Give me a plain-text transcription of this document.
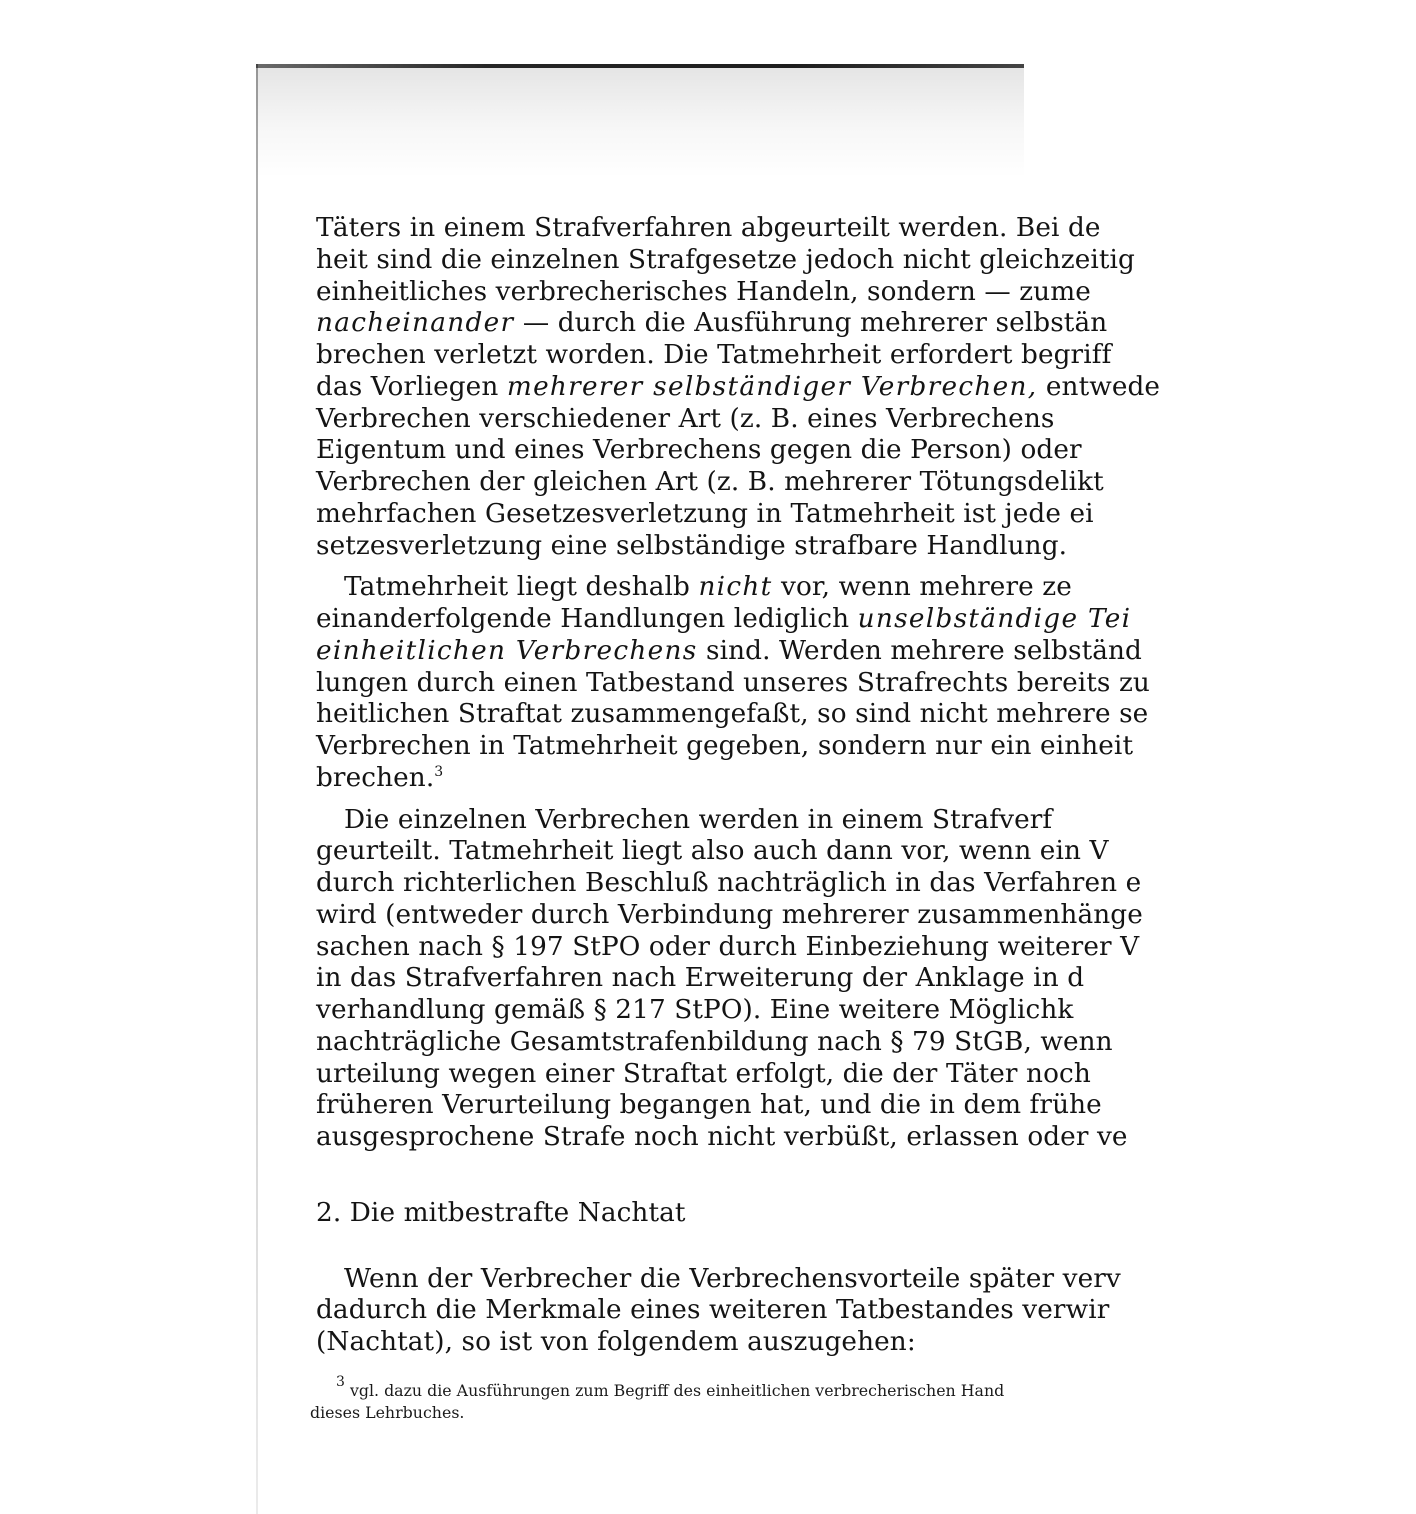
Täters in einem Strafverfahren abgeurteilt werden. Bei de
heit sind die einzelnen Strafgesetze jedoch nicht gleichzeitig
einheitliches verbrecherisches Handeln, sondern — zume
nacheinander — durch die Ausführung mehrerer selbstän
brechen verletzt worden. Die Tatmehrheit erfordert begriff
das Vorliegen mehrerer selbständiger Verbrechen, entwede
Verbrechen verschiedener Art (z. B. eines Verbrechens
Eigentum und eines Verbrechens gegen die Person) oder
Verbrechen der gleichen Art (z. B. mehrerer Tötungsdelikt
mehrfachen Gesetzesverletzung in Tatmehrheit ist jede ei
setzesverletzung eine selbständige strafbare Handlung.
Tatmehrheit liegt deshalb nicht vor, wenn mehrere ze
einanderfolgende Handlungen lediglich unselbständige Tei
einheitlichen Verbrechens sind. Werden mehrere selbständ
lungen durch einen Tatbestand unseres Strafrechts bereits zu
heitlichen Straftat zusammengefaßt, so sind nicht mehrere se
Verbrechen in Tatmehrheit gegeben, sondern nur ein einheit
brechen.$^3$
Die einzelnen Verbrechen werden in einem Strafverf
geurteilt. Tatmehrheit liegt also auch dann vor, wenn ein V
durch richterlichen Beschluß nachträglich in das Verfahren e
wird (entweder durch Verbindung mehrerer zusammenhänge
sachen nach § 197 StPO oder durch Einbeziehung weiterer V
in das Strafverfahren nach Erweiterung der Anklage in d
verhandlung gemäß § 217 StPO). Eine weitere Möglichk
nachträgliche Gesamtstrafenbildung nach § 79 StGB, wenn
urteilung wegen einer Straftat erfolgt, die der Täter noch
früheren Verurteilung begangen hat, und die in dem frühe
ausgesprochene Strafe noch nicht verbüßt, erlassen oder ve
2. Die mitbestrafte Nachtat
Wenn der Verbrecher die Verbrechensvorteile später verv
dadurch die Merkmale eines weiteren Tatbestandes verwir
(Nachtat), so ist von folgendem auszugehen:
$^3$ vgl. dazu die Ausführungen zum Begriff des einheitlichen verbrecherischen Hand
dieses Lehrbuches.
